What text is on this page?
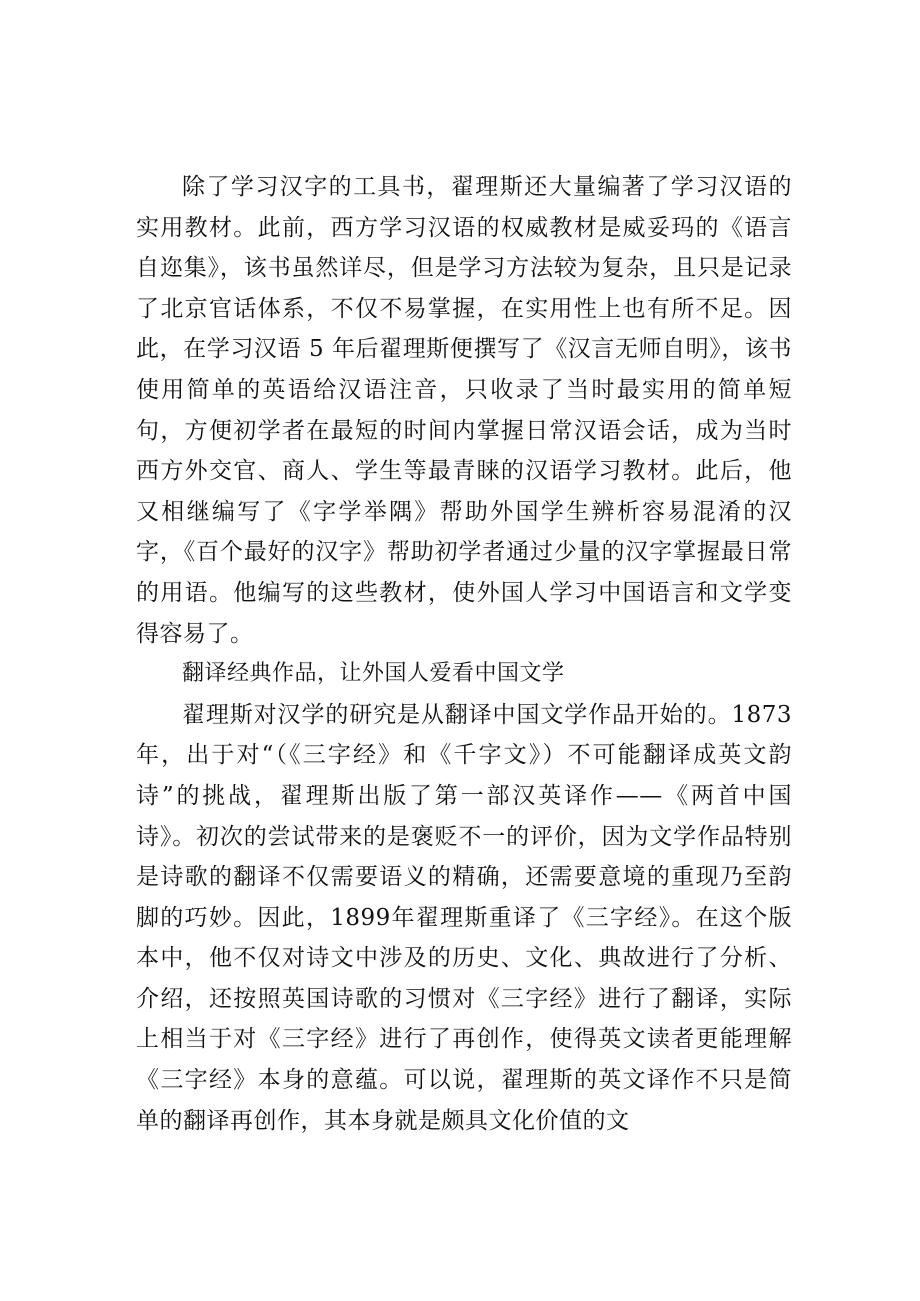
除了学习汉字的工具书，翟理斯还大量编著了学习汉语的实用教材。此前，西方学习汉语的权威教材是威妥玛的《语言自迩集》，该书虽然详尽，但是学习方法较为复杂，且只是记录了北京官话体系，不仅不易掌握，在实用性上也有所不足。因此，在学习汉语 5 年后翟理斯便撰写了《汉言无师自明》，该书使用简单的英语给汉语注音，只收录了当时最实用的简单短句，方便初学者在最短的时间内掌握日常汉语会话，成为当时西方外交官、商人、学生等最青睐的汉语学习教材。此后，他又相继编写了《字学举隅》帮助外国学生辨析容易混淆的汉字，《百个最好的汉字》帮助初学者通过少量的汉字掌握最日常的用语。他编写的这些教材，使外国人学习中国语言和文学变得容易了。

翻译经典作品，让外国人爱看中国文学

翟理斯对汉学的研究是从翻译中国文学作品开始的。1873 年，出于对“（《三字经》和《千字文》）不可能翻译成英文韵诗”的挑战，翟理斯出版了第一部汉英译作——《两首中国诗》。初次的尝试带来的是褒贬不一的评价，因为文学作品特别是诗歌的翻译不仅需要语义的精确，还需要意境的重现乃至韵脚的巧妙。因此，1899年翟理斯重译了《三字经》。在这个版本中，他不仅对诗文中涉及的历史、文化、典故进行了分析、介绍，还按照英国诗歌的习惯对《三字经》进行了翻译，实际上相当于对《三字经》进行了再创作，使得英文读者更能理解《三字经》本身的意蕴。可以说，翟理斯的英文译作不只是简单的翻译再创作，其本身就是颇具文化价值的文
